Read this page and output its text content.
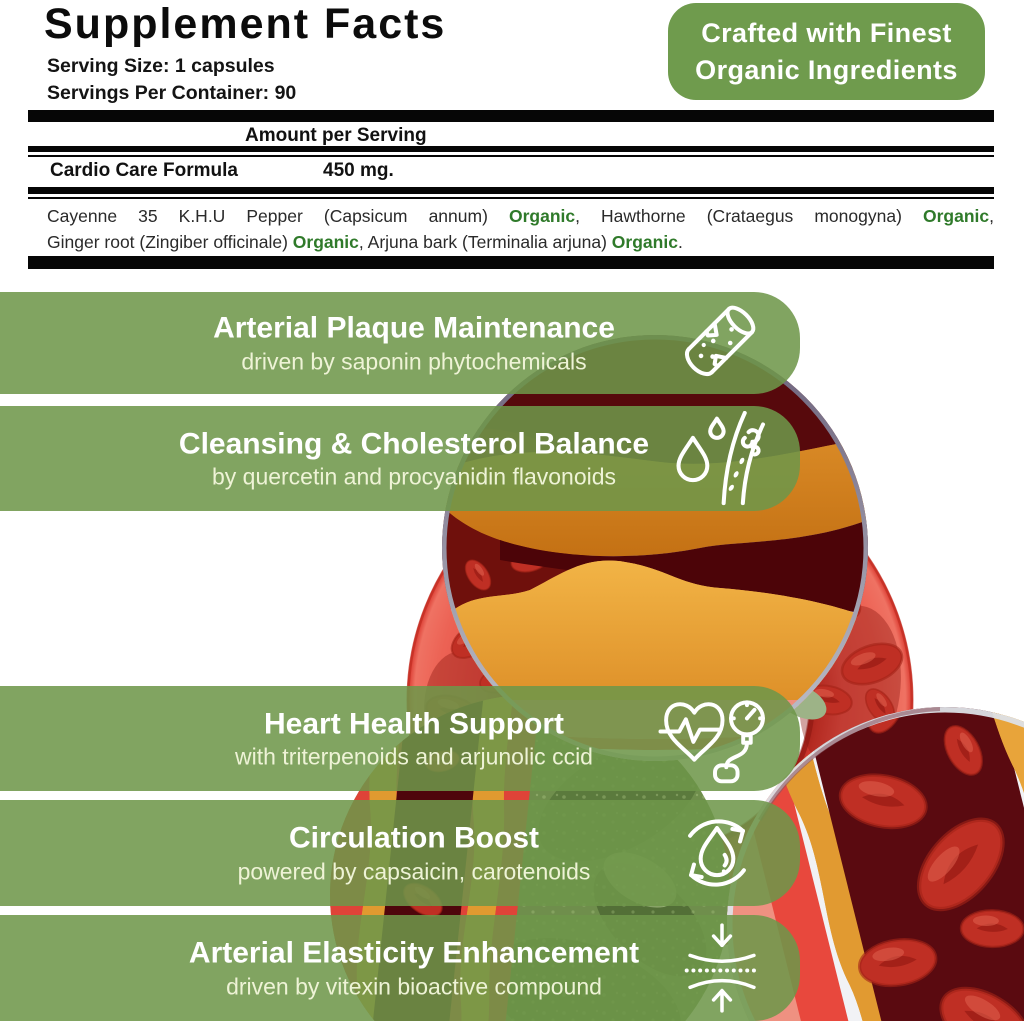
Supplement Facts
Serving Size: 1 capsules
Servings Per Container: 90
Amount per Serving
Cardio Care Formula	450 mg.
Cayenne 35 K.H.U Pepper (Capsicum annum) Organic, Hawthorne (Crataegus monogyna) Organic,
Ginger root (Zingiber officinale) Organic, Arjuna bark (Terminalia arjuna) Organic.
Crafted with Finest
Organic Ingredients
Arterial Plaque Maintenance
driven by saponin phytochemicals
Cleansing & Cholesterol Balance
by quercetin and procyanidin flavonoids
Heart Health Support
with triterpenoids and arjunolic ccid
Circulation Boost
powered by capsaicin, carotenoids
Arterial Elasticity Enhancement
driven by vitexin bioactive compound
